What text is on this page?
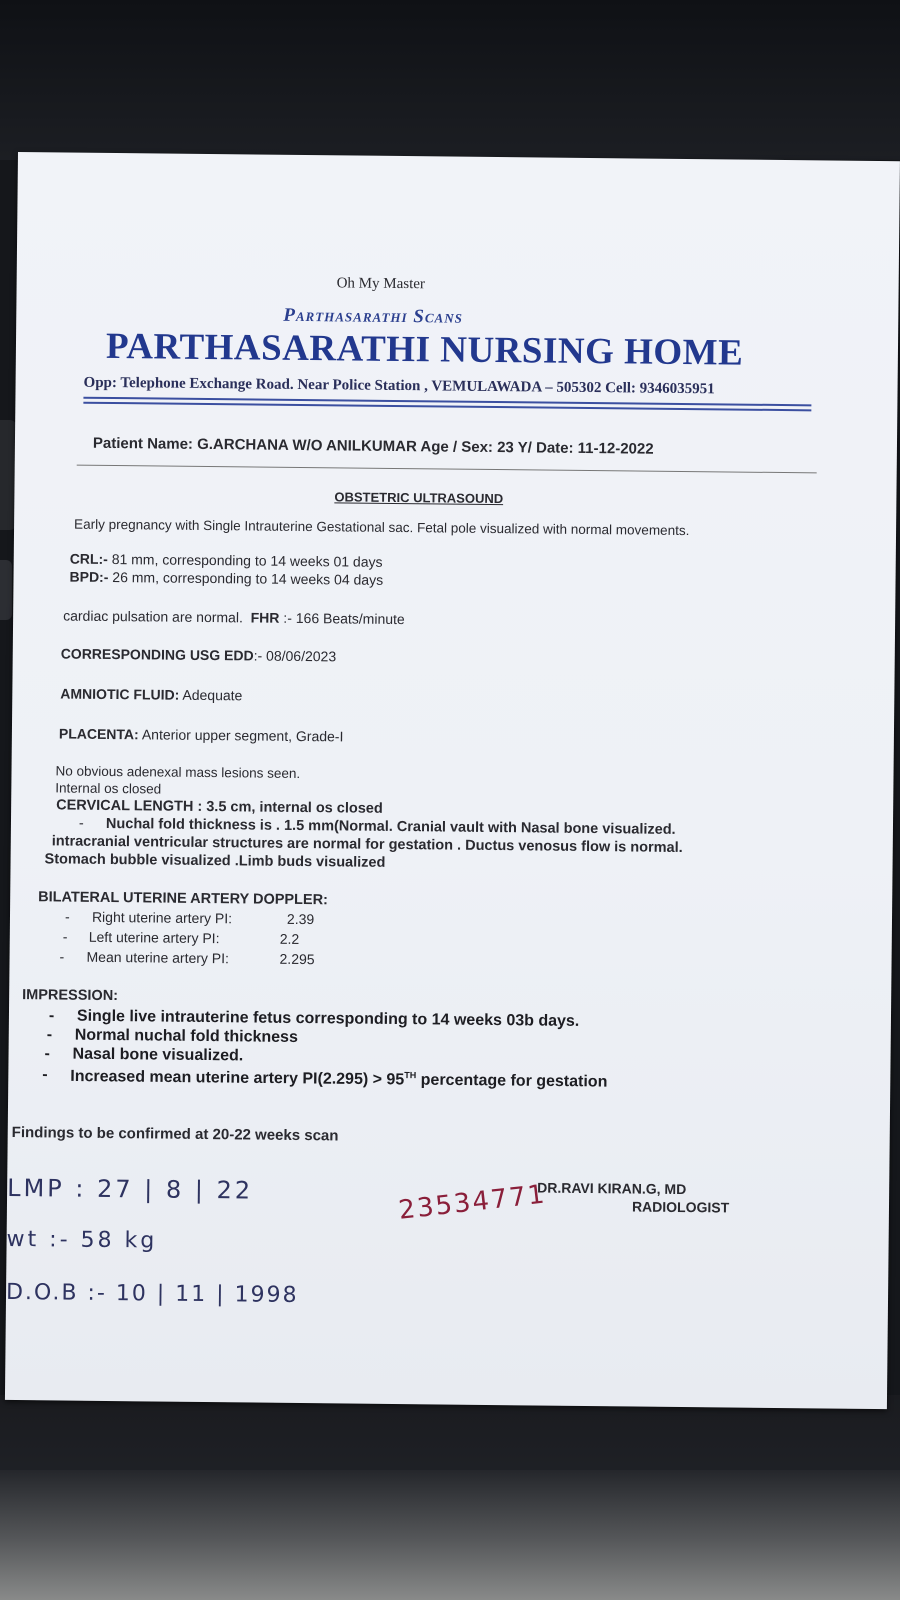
Oh My Master
Parthasarathi Scans
PARTHASARATHI NURSING HOME
Opp: Telephone Exchange Road. Near Police Station , VEMULAWADA – 505302 Cell: 9346035951
Patient Name: G.ARCHANA W/O ANILKUMAR Age / Sex: 23 Y/ Date: 11-12-2022
OBSTETRIC ULTRASOUND
Early pregnancy with Single Intrauterine Gestational sac. Fetal pole visualized with normal movements.
CRL:- 81 mm, corresponding to 14 weeks 01 days
BPD:- 26 mm, corresponding to 14 weeks 04 days
cardiac pulsation are normal. FHR :- 166 Beats/minute
CORRESPONDING USG EDD:- 08/06/2023
AMNIOTIC FLUID: Adequate
PLACENTA: Anterior upper segment, Grade-I
No obvious adenexal mass lesions seen.
Internal os closed
CERVICAL LENGTH : 3.5 cm, internal os closed
- Nuchal fold thickness is . 1.5 mm(Normal. Cranial vault with Nasal bone visualized.
intracranial ventricular structures are normal for gestation . Ductus venosus flow is normal.
Stomach bubble visualized .Limb buds visualized
BILATERAL UTERINE ARTERY DOPPLER:
- Right uterine artery PI:	2.39
- Left uterine artery PI:	2.2
- Mean uterine artery PI:	2.295
IMPRESSION:
- Single live intrauterine fetus corresponding to 14 weeks 03b days.
- Normal nuchal fold thickness
- Nasal bone visualized.
- Increased mean uterine artery PI(2.295) > 95TH percentage for gestation
Findings to be confirmed at 20-22 weeks scan
DR.RAVI KIRAN.G, MD
RADIOLOGIST
LMP : 27 | 8 | 22
wt :- 58 kg
D.O.B :- 10 | 11 | 1998
23534771
